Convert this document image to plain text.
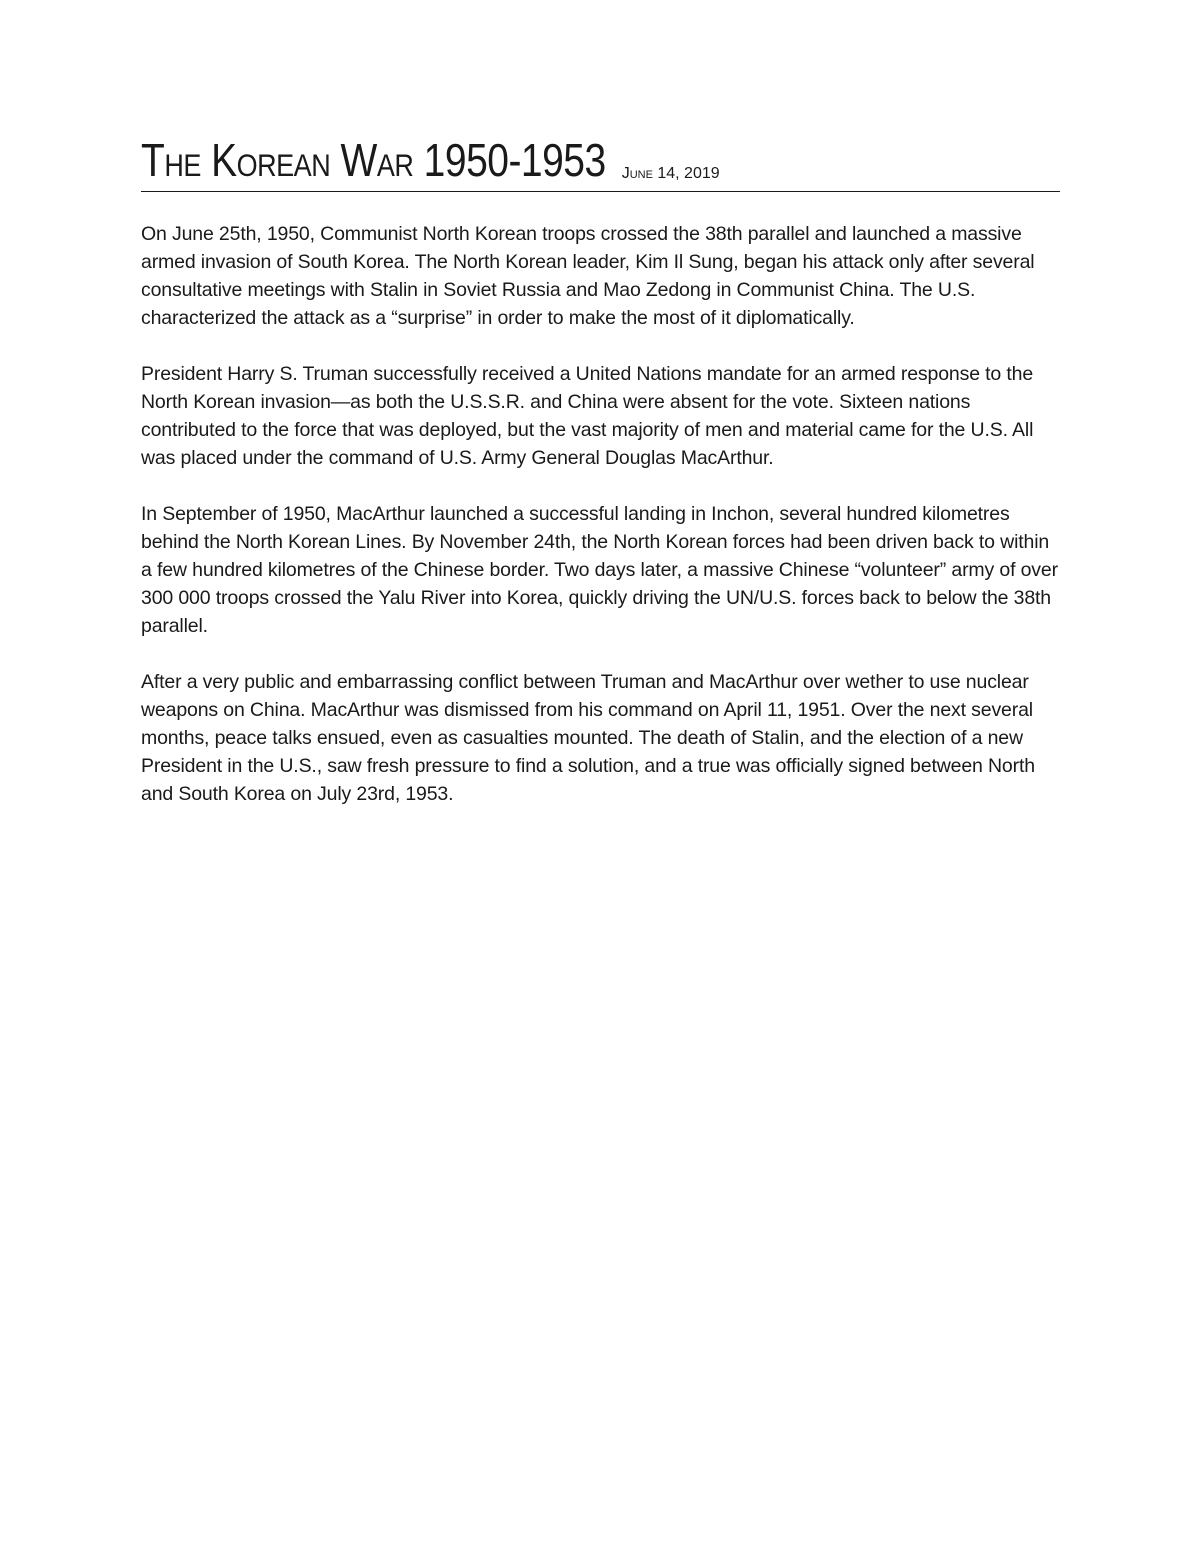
The Korean War 1950-1953 June 14, 2019

On June 25th, 1950, Communist North Korean troops crossed the 38th parallel and launched a massive armed invasion of South Korea. The North Korean leader, Kim Il Sung, began his attack only after several consultative meetings with Stalin in Soviet Russia and Mao Zedong in Communist China. The U.S. characterized the attack as a “surprise” in order to make the most of it diplomatically.

President Harry S. Truman successfully received a United Nations mandate for an armed response to the North Korean invasion—as both the U.S.S.R. and China were absent for the vote. Sixteen nations contributed to the force that was deployed, but the vast majority of men and material came for the U.S. All was placed under the command of U.S. Army General Douglas MacArthur.

In September of 1950, MacArthur launched a successful landing in Inchon, several hundred kilometres behind the North Korean Lines. By November 24th, the North Korean forces had been driven back to within a few hundred kilometres of the Chinese border. Two days later, a massive Chinese “volunteer” army of over 300 000 troops crossed the Yalu River into Korea, quickly driving the UN/U.S. forces back to below the 38th parallel.

After a very public and embarrassing conflict between Truman and MacArthur over wether to use nuclear weapons on China. MacArthur was dismissed from his command on April 11, 1951. Over the next several months, peace talks ensued, even as casualties mounted. The death of Stalin, and the election of a new President in the U.S., saw fresh pressure to find a solution, and a true was officially signed between North and South Korea on July 23rd, 1953.
